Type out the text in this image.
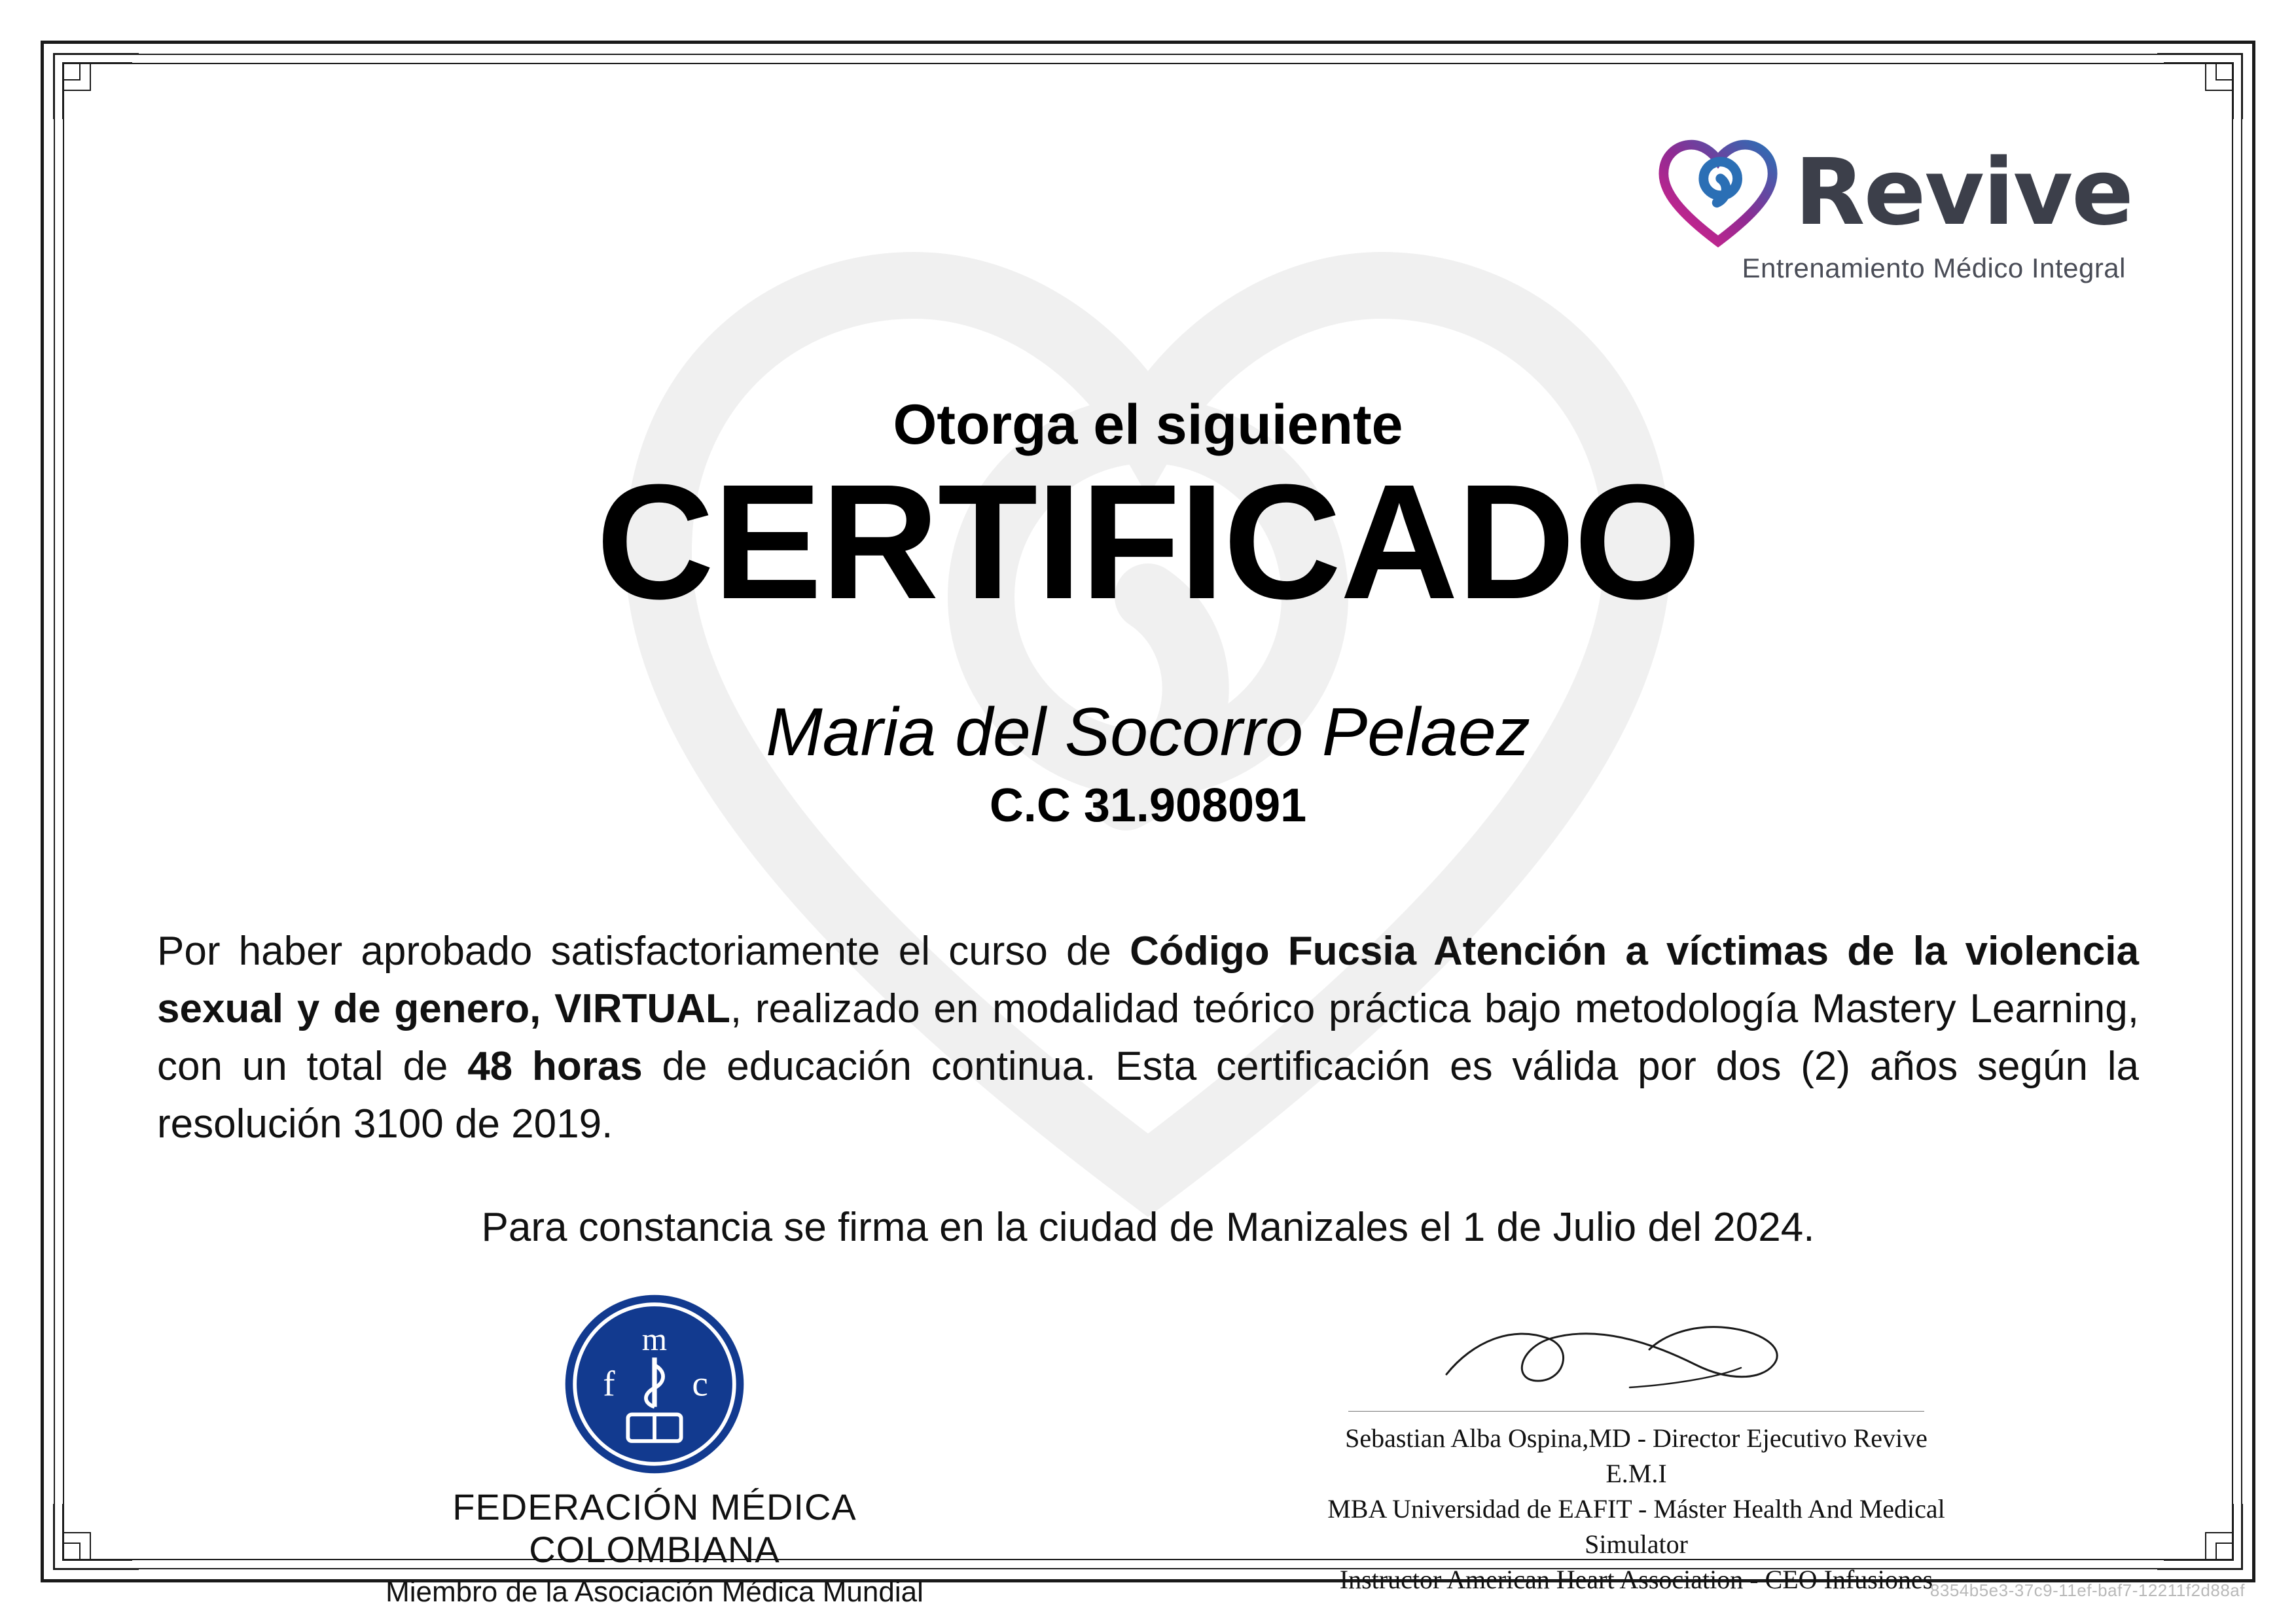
Revive
Entrenamiento Médico Integral
Otorga el siguiente
CERTIFICADO
Maria del Socorro Pelaez
C.C 31.908091
Por haber aprobado satisfactoriamente el curso de Código Fucsia Atención a víctimas de la violencia sexual y de genero, VIRTUAL, realizado en modalidad teórico práctica bajo metodología Mastery Learning, con un total de 48 horas de educación continua. Esta certificación es válida por dos (2) años según la resolución 3100 de 2019.
Para constancia se firma en la ciudad de Manizales el 1 de Julio del 2024.
m
f	c
FEDERACIÓN MÉDICA COLOMBIANA
Miembro de la Asociación Médica Mundial
Sebastian Alba Ospina,MD - Director Ejecutivo Revive E.M.I
MBA Universidad de EAFIT - Máster Health And Medical Simulator
Instructor American Heart Association - CEO Infusiones
8354b5e3-37c9-11ef-baf7-12211f2d88af
